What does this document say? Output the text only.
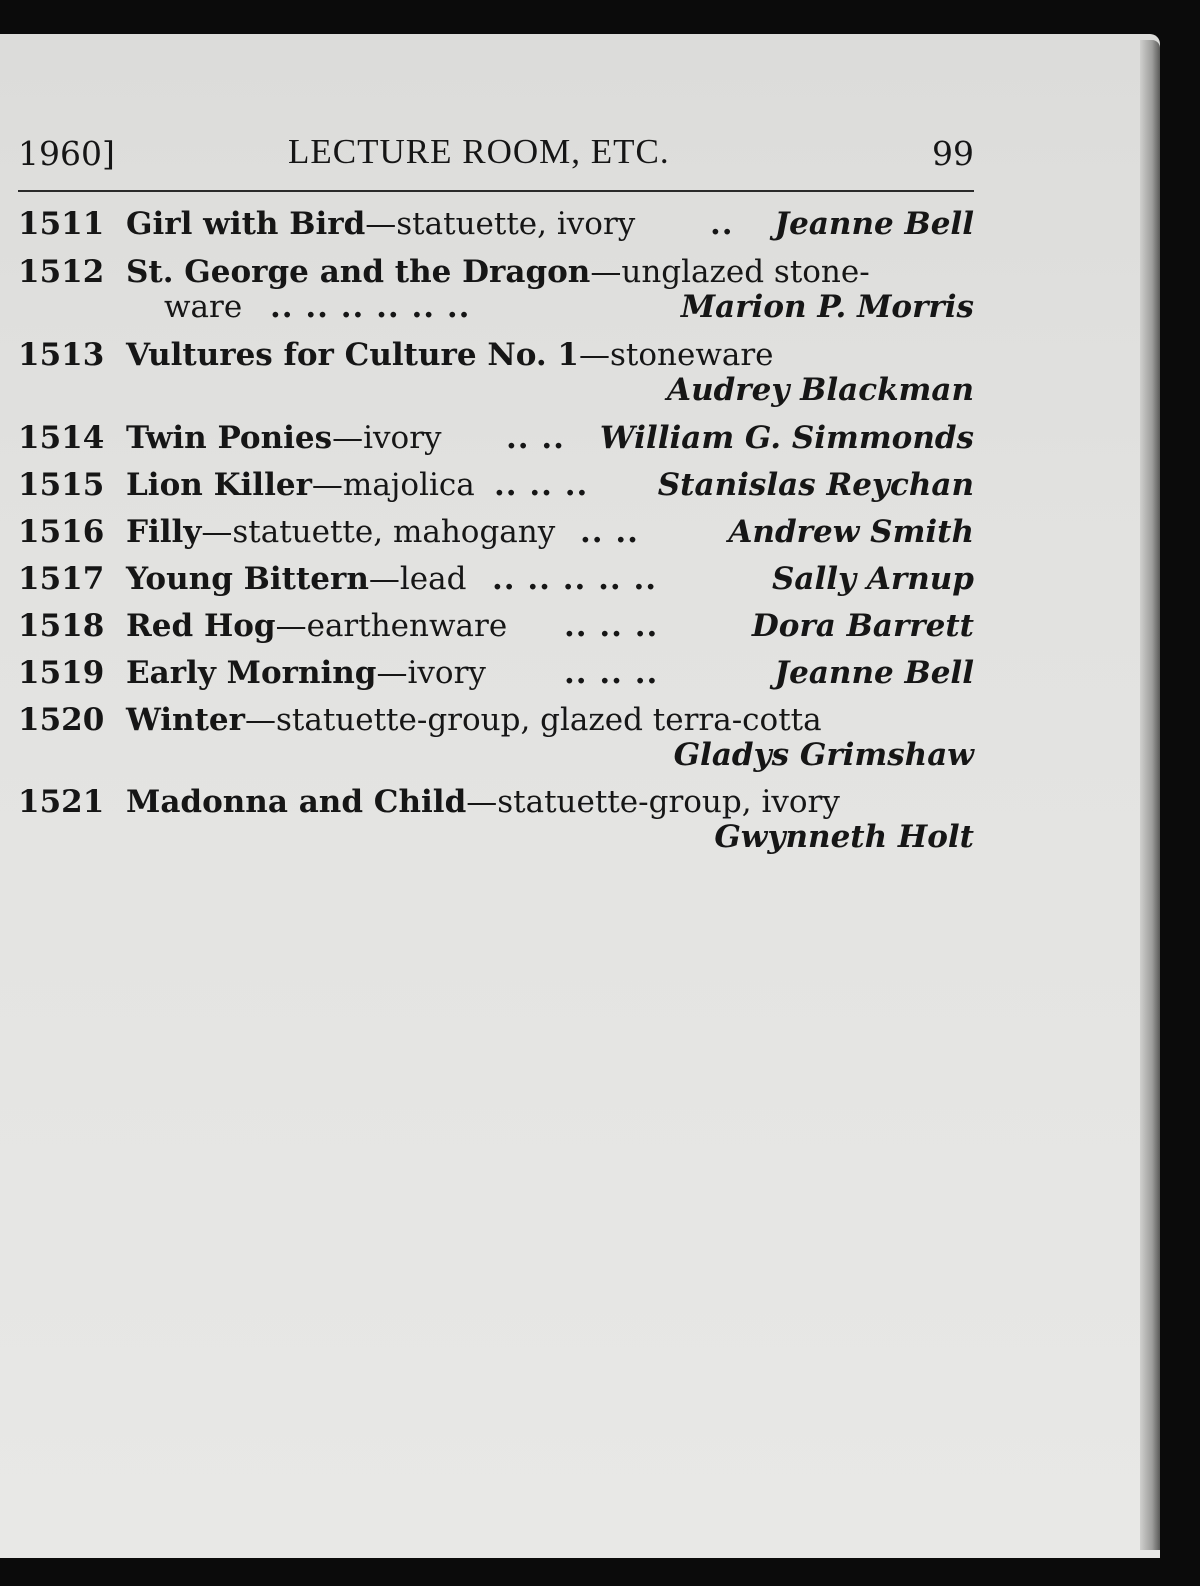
1960]	LECTURE ROOM, ETC.	99
1511 Girl with Bird—statuette, ivory .. Jeanne Bell
1512 St. George and the Dragon—unglazed stone-
ware .. .. .. .. .. ..	Marion P. Morris
1513 Vultures for Culture No. 1—stoneware
Audrey Blackman
1514 Twin Ponies—ivory .. .. William G. Simmonds
1515 Lion Killer—majolica .. .. .. Stanislas Reychan
1516 Filly—statuette, mahogany .. ..	Andrew Smith
1517 Young Bittern—lead .. .. .. .. ..	Sally Arnup
1518 Red Hog—earthenware .. .. ..	Dora Barrett
1519 Early Morning—ivory	.. .. ..	Jeanne Bell
1520 Winter—statuette-group, glazed terra-cotta
Gladys Grimshaw
1521 Madonna and Child—statuette-group, ivory
Gwynneth Holt
